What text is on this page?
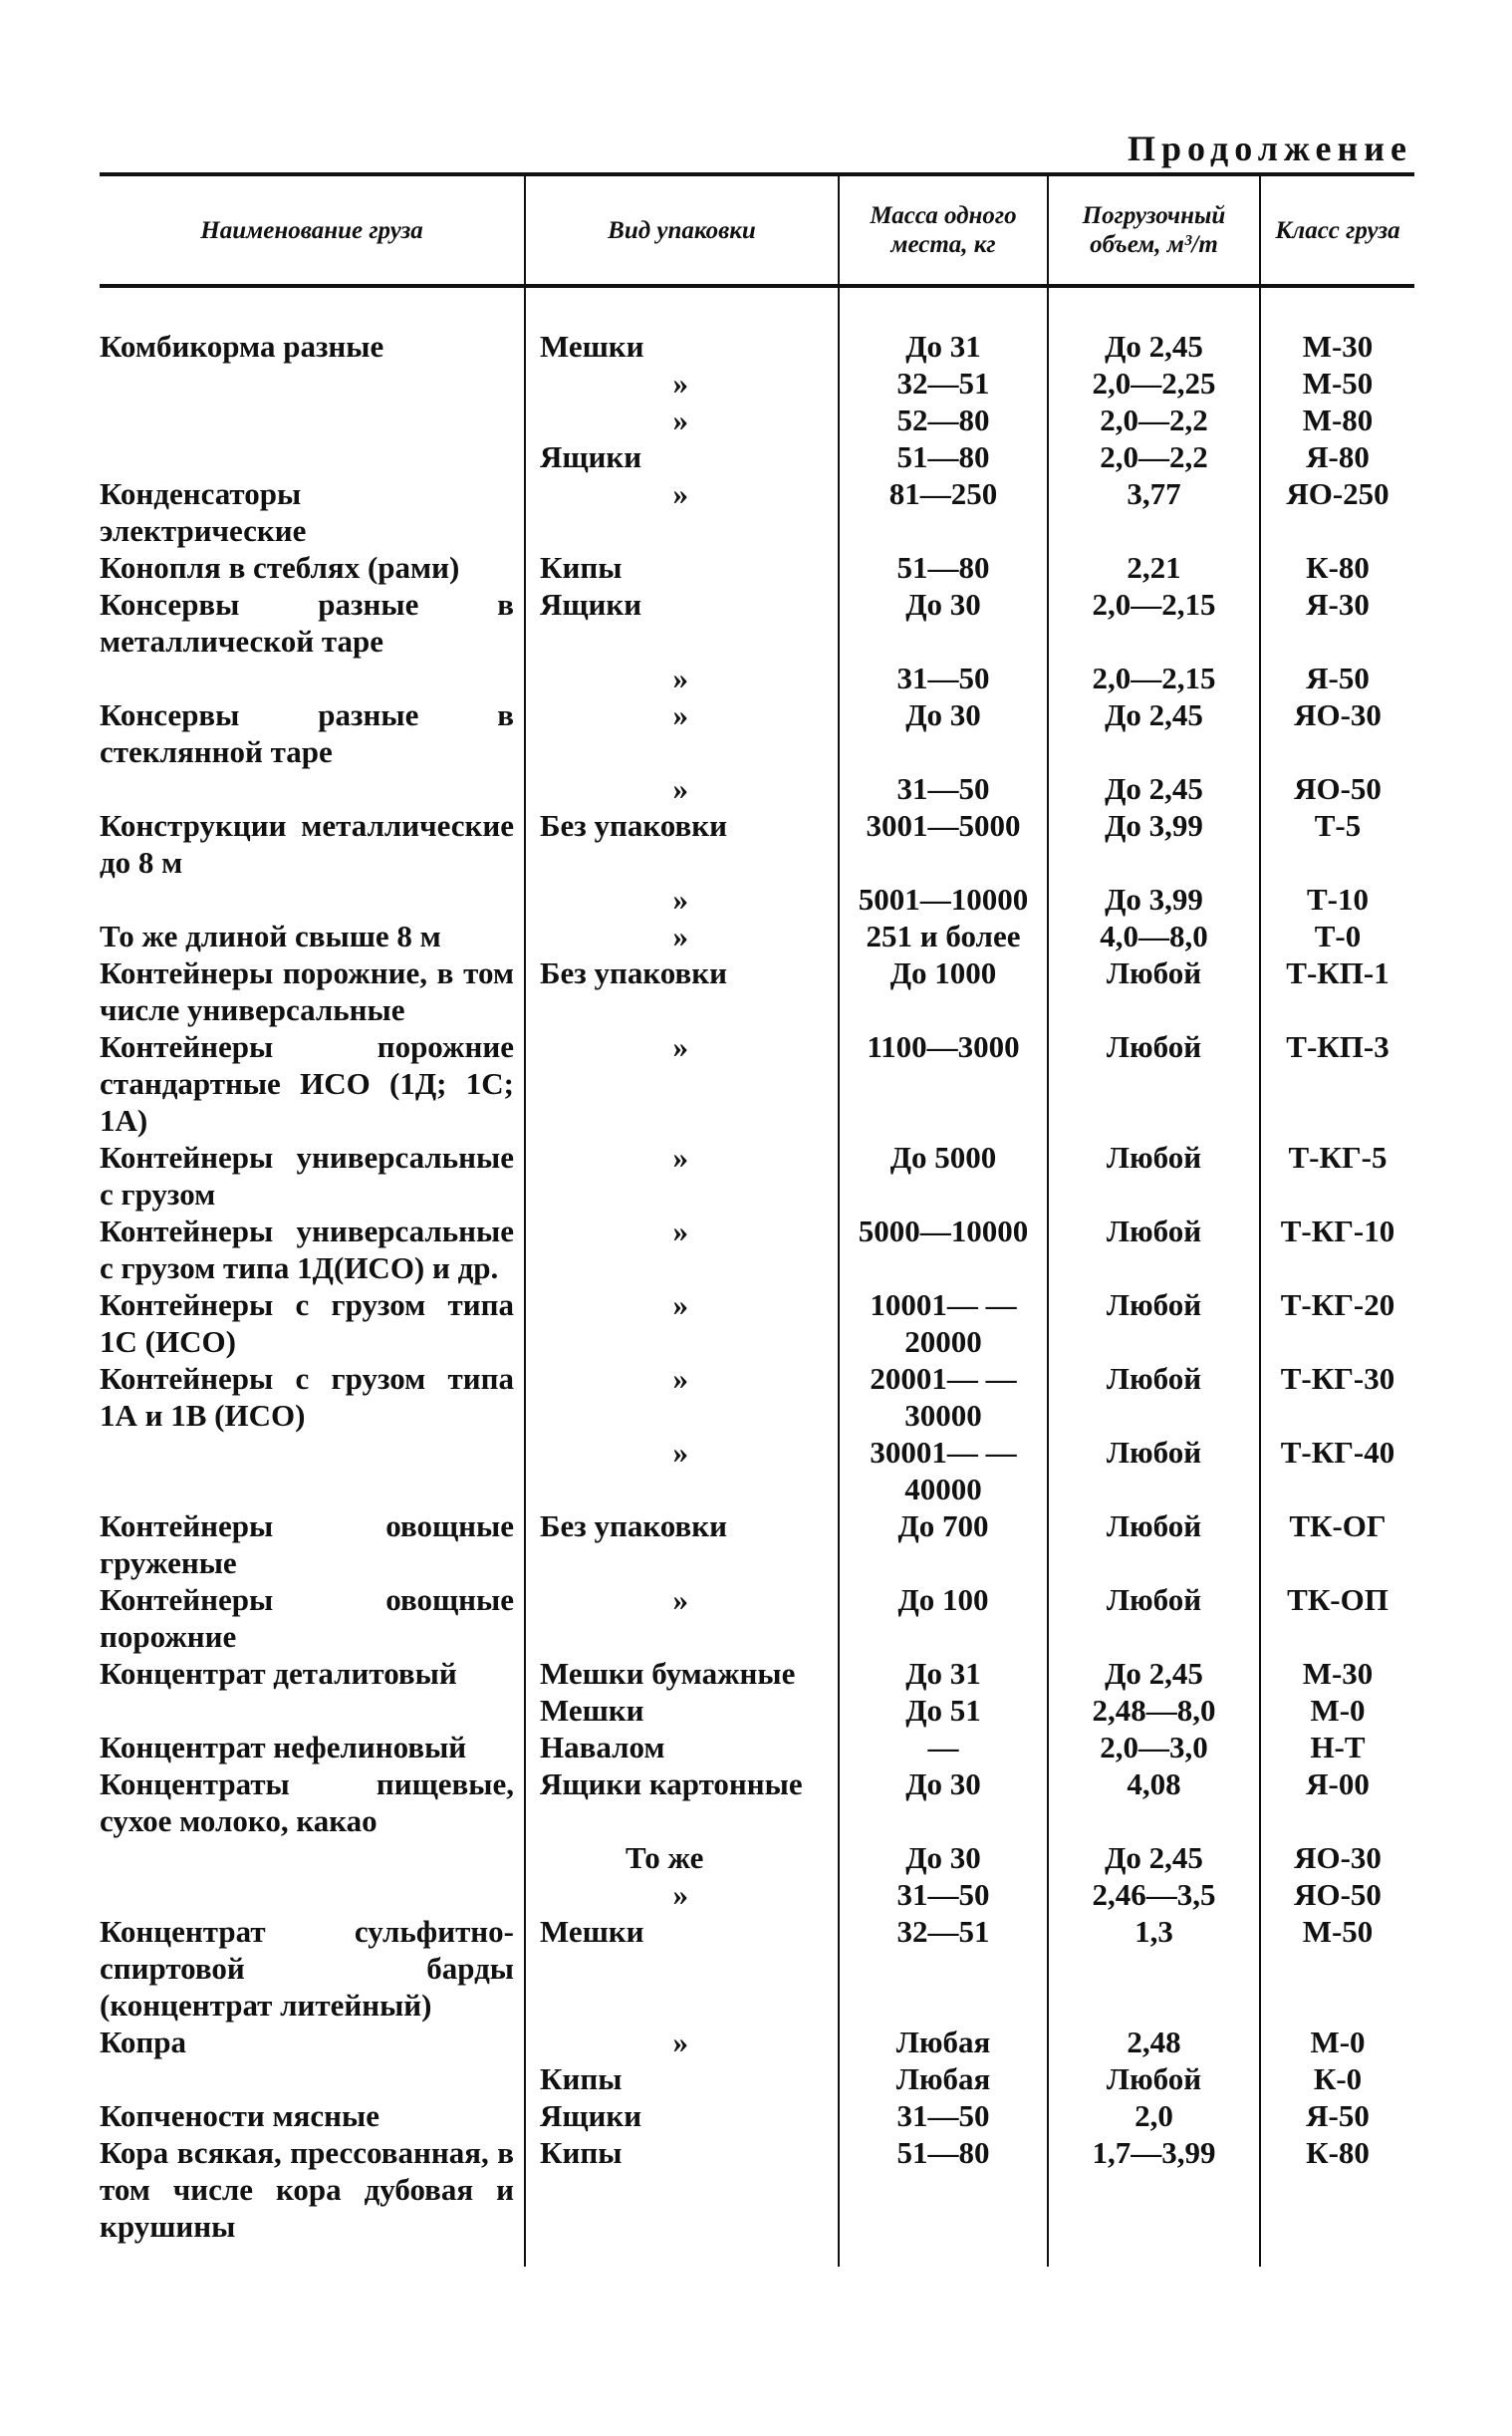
Продолжение
Наименование груза	Вид упаковки	Масса одного места, кг	Погрузочный объем, м³/т	Класс груза

Комбикорма разные	Мешки	До 31	До 2,45	М-30
	»	32—51	2,0—2,25	М-50
	»	52—80	2,0—2,2	М-80
	Ящики	51—80	2,0—2,2	Я-80
Конденсаторы электрические	»	81—250	3,77	ЯО-250
Конопля в стеблях (рами)	Кипы	51—80	2,21	К-80
Консервы разные в металлической таре	Ящики	До 30	2,0—2,15	Я-30
	»	31—50	2,0—2,15	Я-50
Консервы разные в стеклянной таре	»	До 30	До 2,45	ЯО-30
	»	31—50	До 2,45	ЯО-50
Конструкции металлические до 8 м	Без упаковки	3001—5000	До 3,99	Т-5
	»	5001—10000	До 3,99	Т-10
То же длиной свыше 8 м	»	251 и более	4,0—8,0	Т-0
Контейнеры порожние, в том числе универсальные	Без упаковки	До 1000	Любой	Т-КП-1
Контейнеры порожние стандартные ИСО (1Д; 1С; 1А)	»	1100—3000	Любой	Т-КП-3
Контейнеры универсальные с грузом	»	До 5000	Любой	Т-КГ-5
Контейнеры универсальные с грузом типа 1Д(ИСО) и др.	»	5000—10000	Любой	Т-КГ-10
Контейнеры с грузом типа 1С (ИСО)	»	10001— —20000	Любой	Т-КГ-20
Контейнеры с грузом типа 1А и 1В (ИСО)	»	20001— —30000	Любой	Т-КГ-30
	»	30001— —40000	Любой	Т-КГ-40
Контейнеры овощные груженые	Без упаковки	До 700	Любой	ТК-ОГ
Контейнеры овощные порожние	»	До 100	Любой	ТК-ОП
Концентрат деталитовый	Мешки бумажные	До 31	До 2,45	М-30
	Мешки	До 51	2,48—8,0	М-0
Концентрат нефелиновый	Навалом	—	2,0—3,0	Н-Т
Концентраты пищевые, сухое молоко, какао	Ящики картонные	До 30	4,08	Я-00
	То же	До 30	До 2,45	ЯО-30
	»	31—50	2,46—3,5	ЯО-50
Концентрат сульфитно-спиртовой барды (концентрат литейный)	Мешки	32—51	1,3	М-50
Копра	»	Любая	2,48	М-0
	Кипы	Любая	Любой	К-0
Копчености мясные	Ящики	31—50	2,0	Я-50
Кора всякая, прессованная, в том числе кора дубовая и крушины	Кипы	51—80	1,7—3,99	К-80
